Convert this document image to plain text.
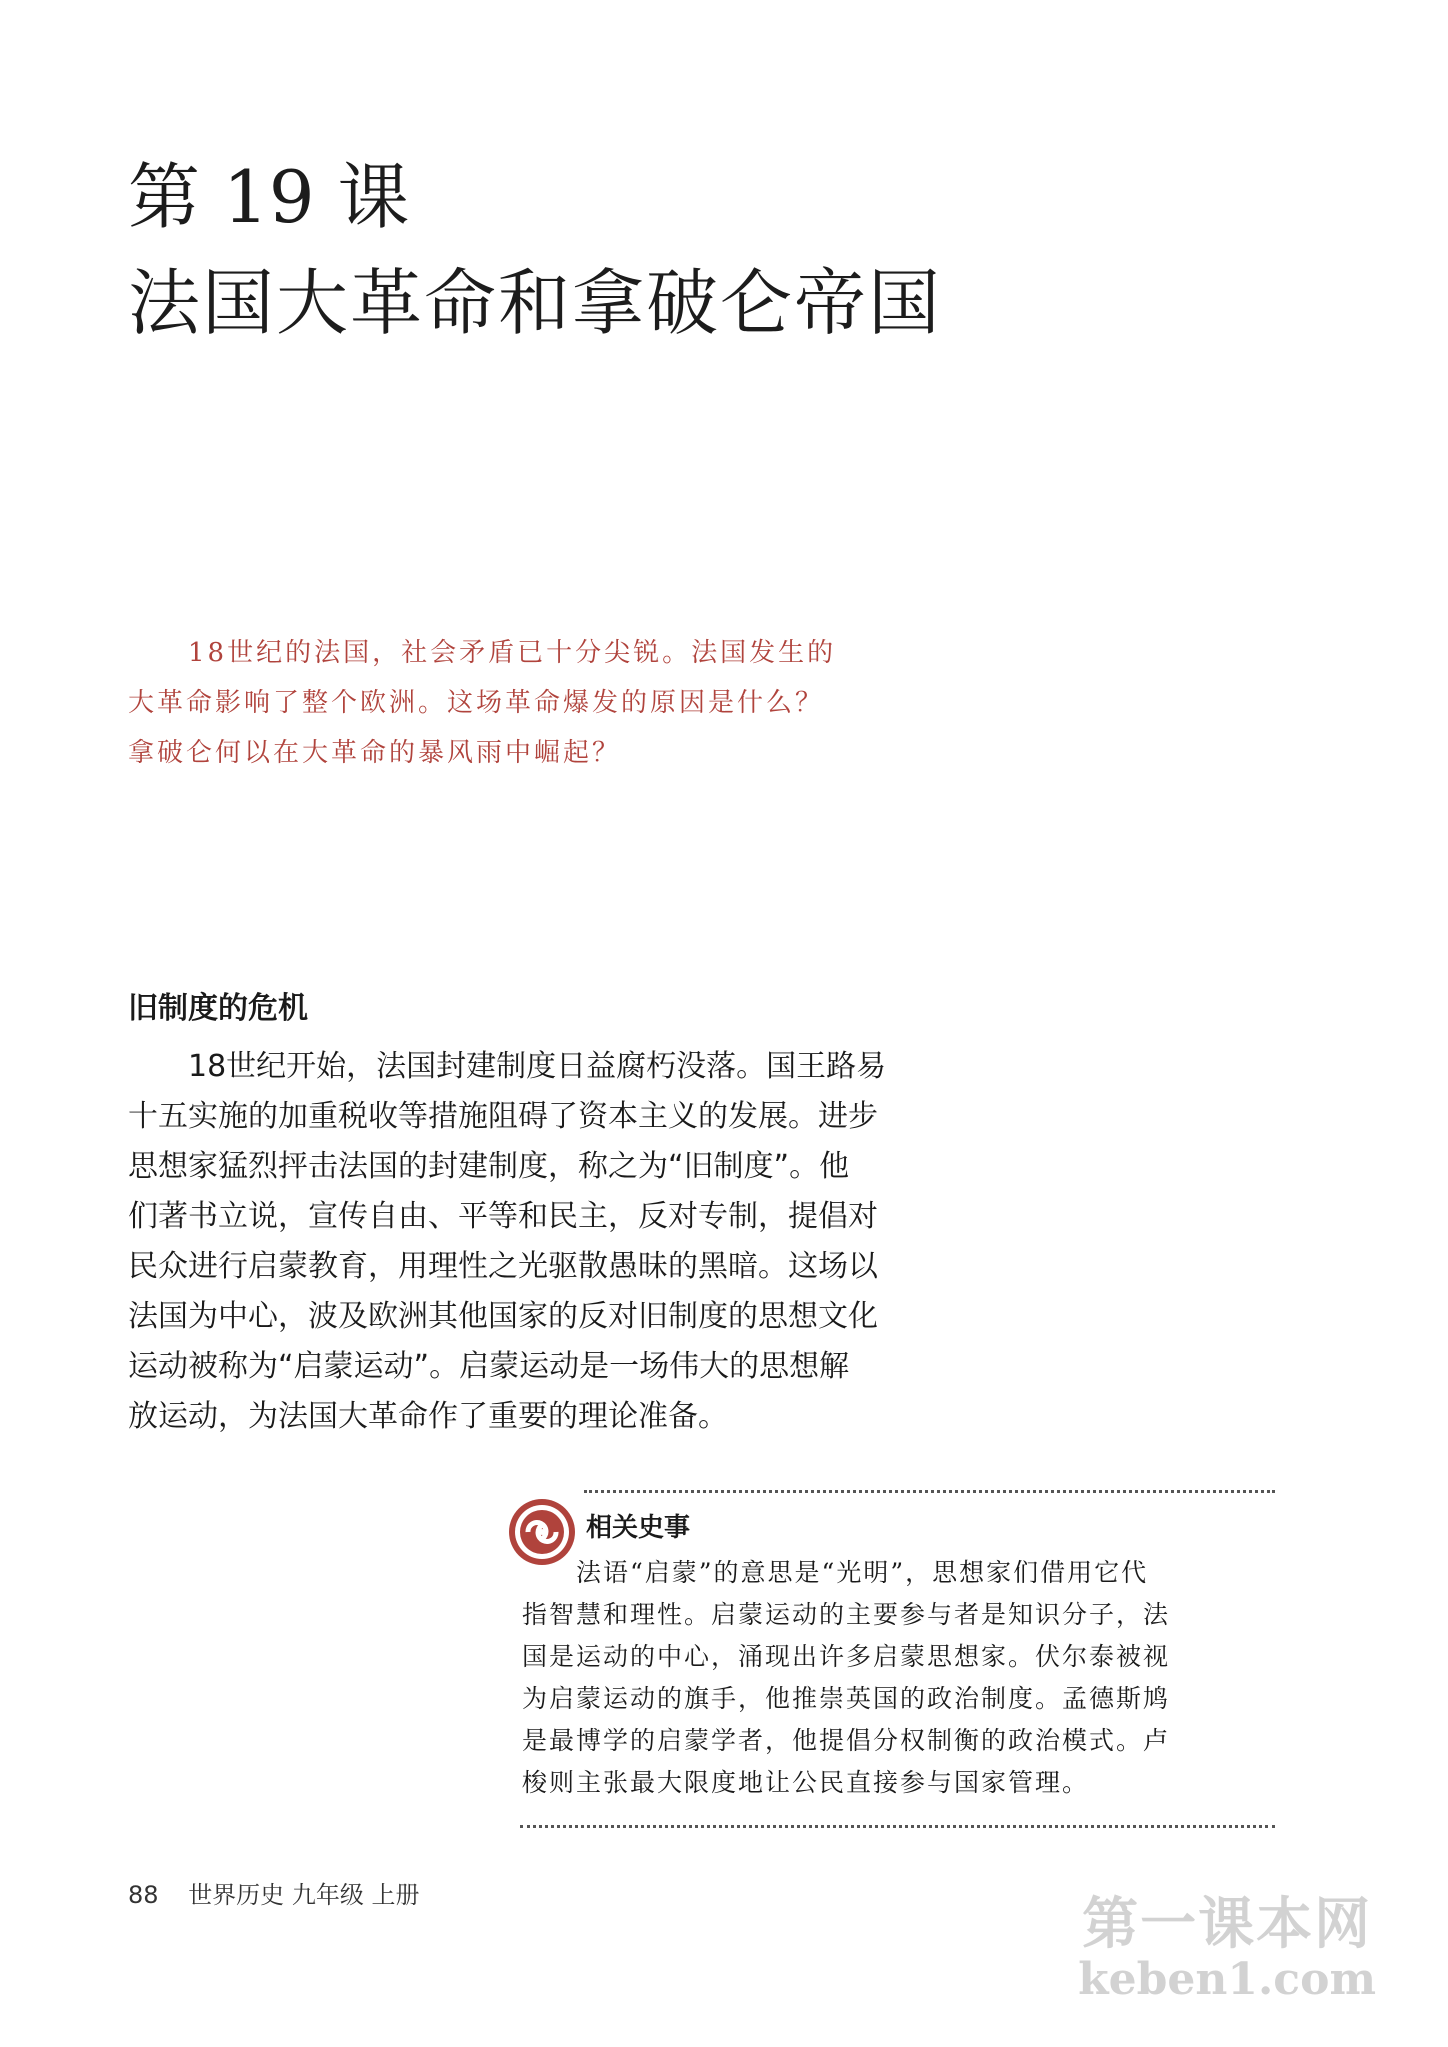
第 19 课
法国大革命和拿破仑帝国
18世纪的法国，社会矛盾已十分尖锐。法国发生的
大革命影响了整个欧洲。这场革命爆发的原因是什么？
拿破仑何以在大革命的暴风雨中崛起？
旧制度的危机
18世纪开始，法国封建制度日益腐朽没落。国王路易
十五实施的加重税收等措施阻碍了资本主义的发展。进步
思想家猛烈抨击法国的封建制度，称之为“旧制度”。他
们著书立说，宣传自由、平等和民主，反对专制，提倡对
民众进行启蒙教育，用理性之光驱散愚昧的黑暗。这场以
法国为中心，波及欧洲其他国家的反对旧制度的思想文化
运动被称为“启蒙运动”。启蒙运动是一场伟大的思想解
放运动，为法国大革命作了重要的理论准备。
相关史事
法语“启蒙”的意思是“光明”，思想家们借用它代
指智慧和理性。启蒙运动的主要参与者是知识分子，法
国是运动的中心，涌现出许多启蒙思想家。伏尔泰被视
为启蒙运动的旗手，他推崇英国的政治制度。孟德斯鸠
是最博学的启蒙学者，他提倡分权制衡的政治模式。卢
梭则主张最大限度地让公民直接参与国家管理。
88 世界历史 九年级 上册	第一课本网
keben1.com
